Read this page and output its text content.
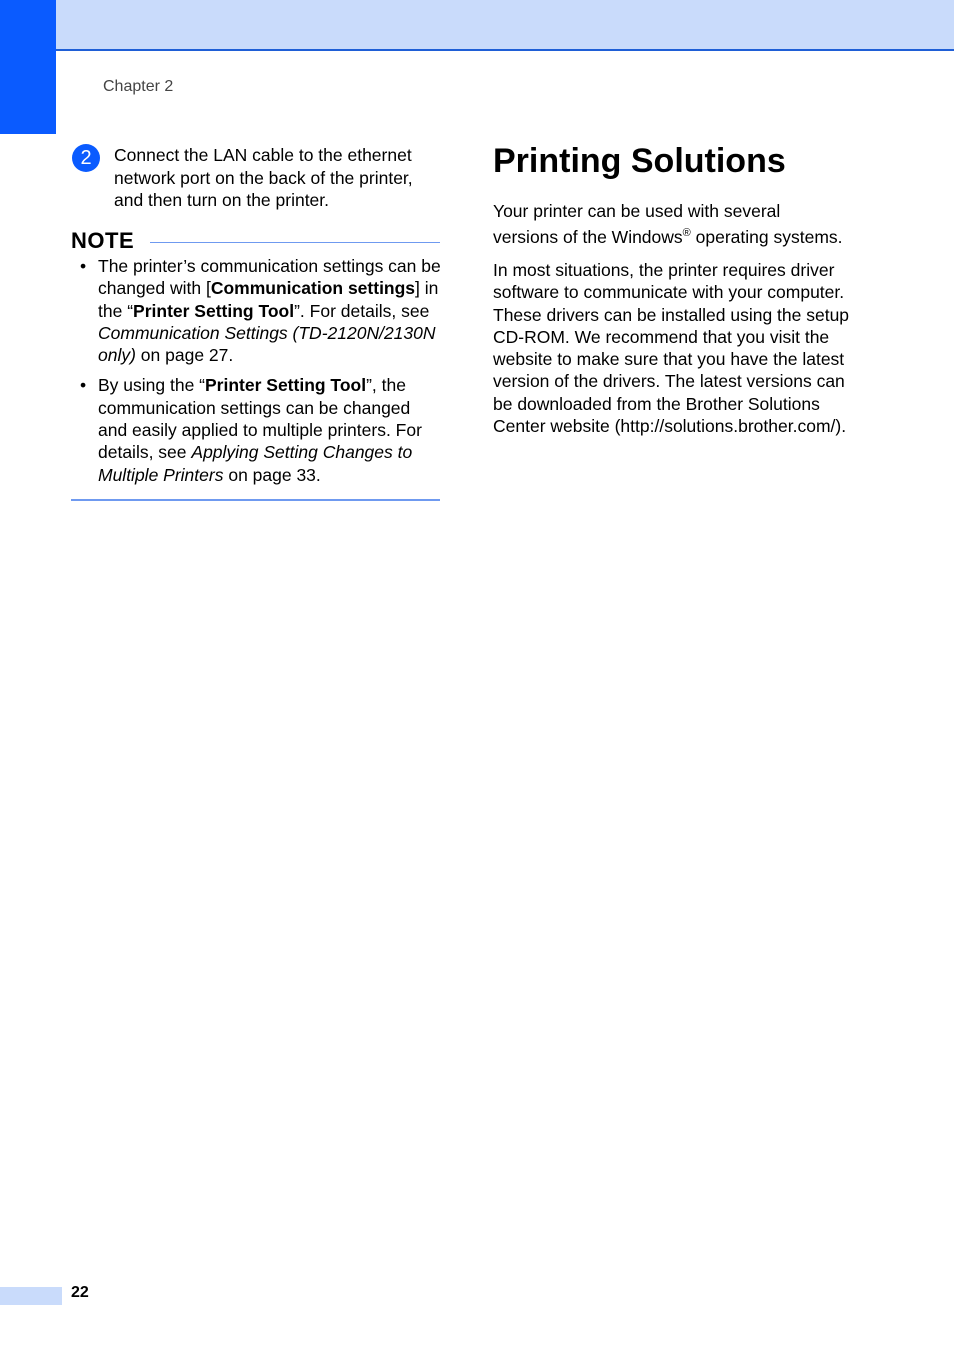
Chapter 2
2	Connect the LAN cable to the ethernet network port on the back of the printer, and then turn on the printer.
NOTE
• The printer’s communication settings can be changed with [Communication settings] in the “Printer Setting Tool”. For details, see Communication Settings (TD-2120N/2130N only) on page 27.
• By using the “Printer Setting Tool”, the communication settings can be changed and easily applied to multiple printers. For details, see Applying Setting Changes to Multiple Printers on page 33.
Printing Solutions

Your printer can be used with several
versions of the Windows® operating systems.

In most situations, the printer requires driver software to communicate with your computer. These drivers can be installed using the setup CD-ROM. We recommend that you visit the website to make sure that you have the latest version of the drivers. The latest versions can be downloaded from the Brother Solutions Center website (http://solutions.brother.com/).

22
